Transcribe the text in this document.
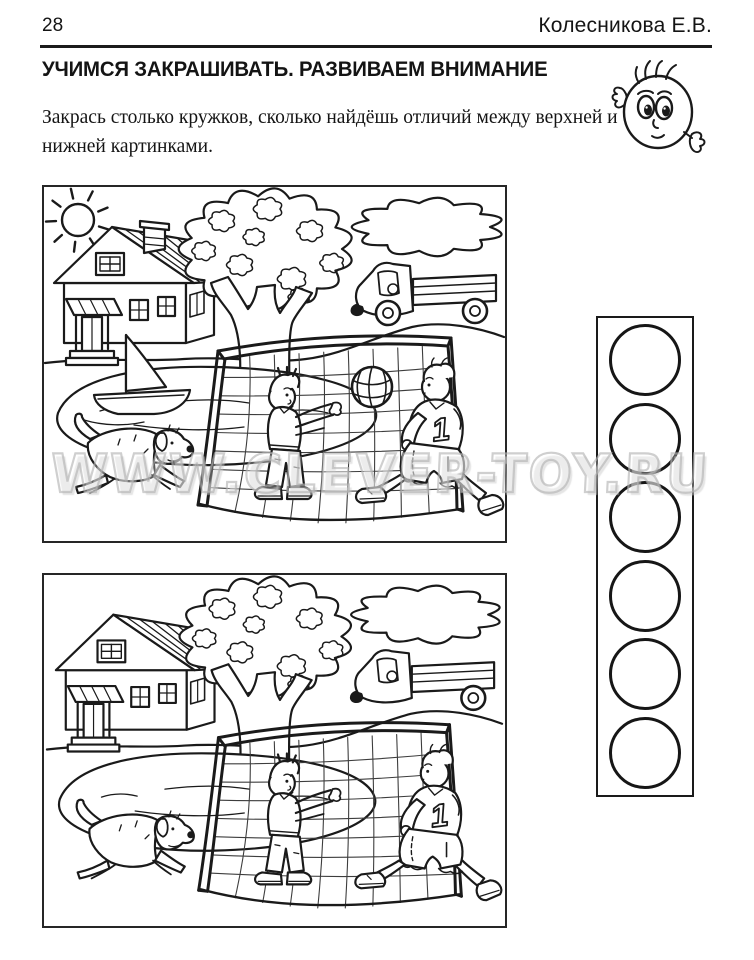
28	Колесникова Е.В.
УЧИМСЯ ЗАКРАШИВАТЬ. РАЗВИВАЕМ ВНИМАНИЕ
Закрась столько кружков, сколько найдёшь отличий между верхней и нижней картинками.
1
1
WWW.CLEVER-TOY.RU
